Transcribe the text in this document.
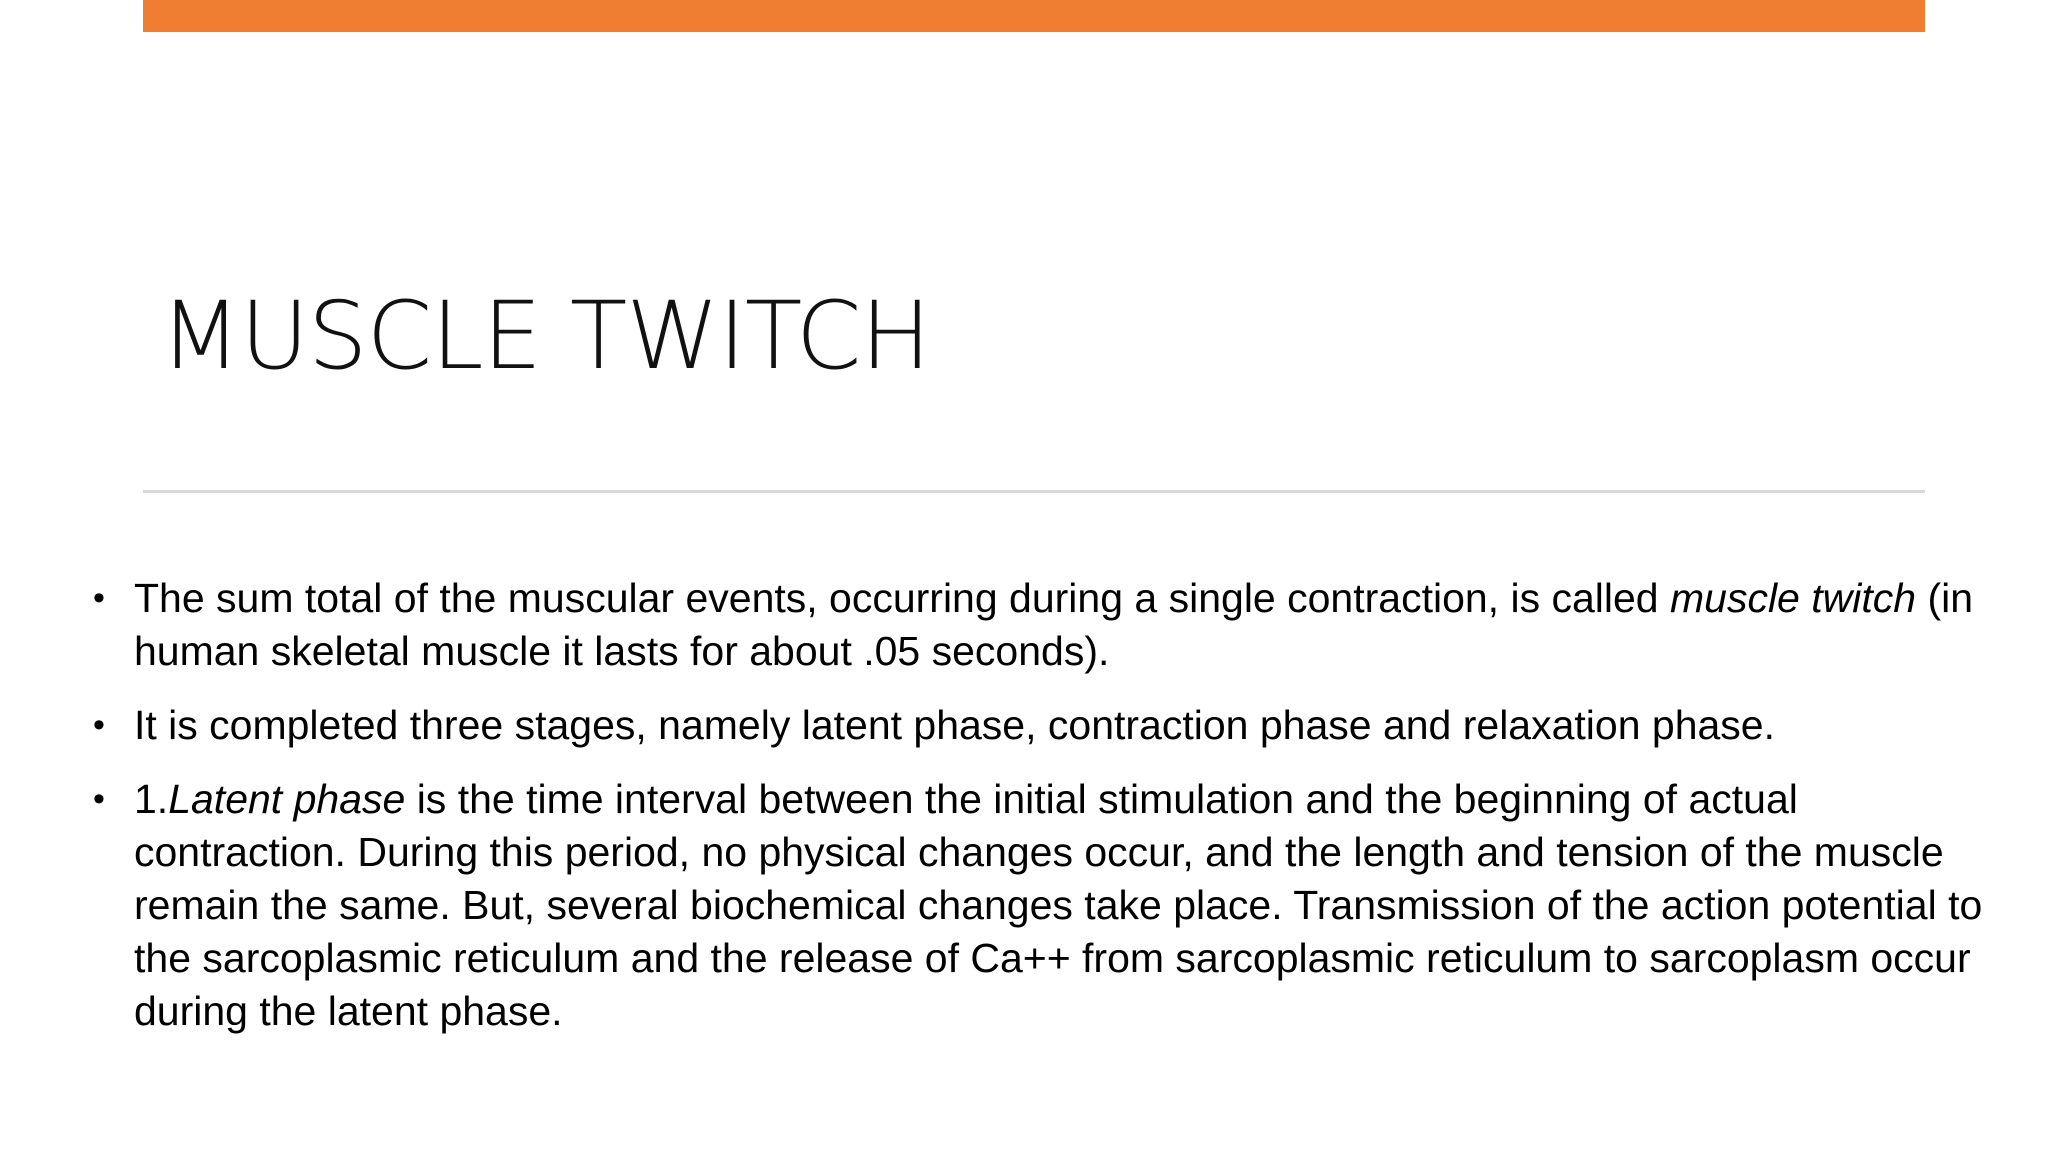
MUSCLE TWITCH
• The sum total of the muscular events, occurring during a single contraction, is called muscle twitch (in human skeletal muscle it lasts for about .05 seconds).
• It is completed three stages, namely latent phase, contraction phase and relaxation phase.
• 1.Latent phase is the time interval between the initial stimulation and the beginning of actual contraction. During this period, no physical changes occur, and the length and tension of the muscle remain the same. But, several biochemical changes take place. Transmission of the action potential to the sarcoplasmic reticulum and the release of Ca++ from sarcoplasmic reticulum to sarcoplasm occur during the latent phase.
